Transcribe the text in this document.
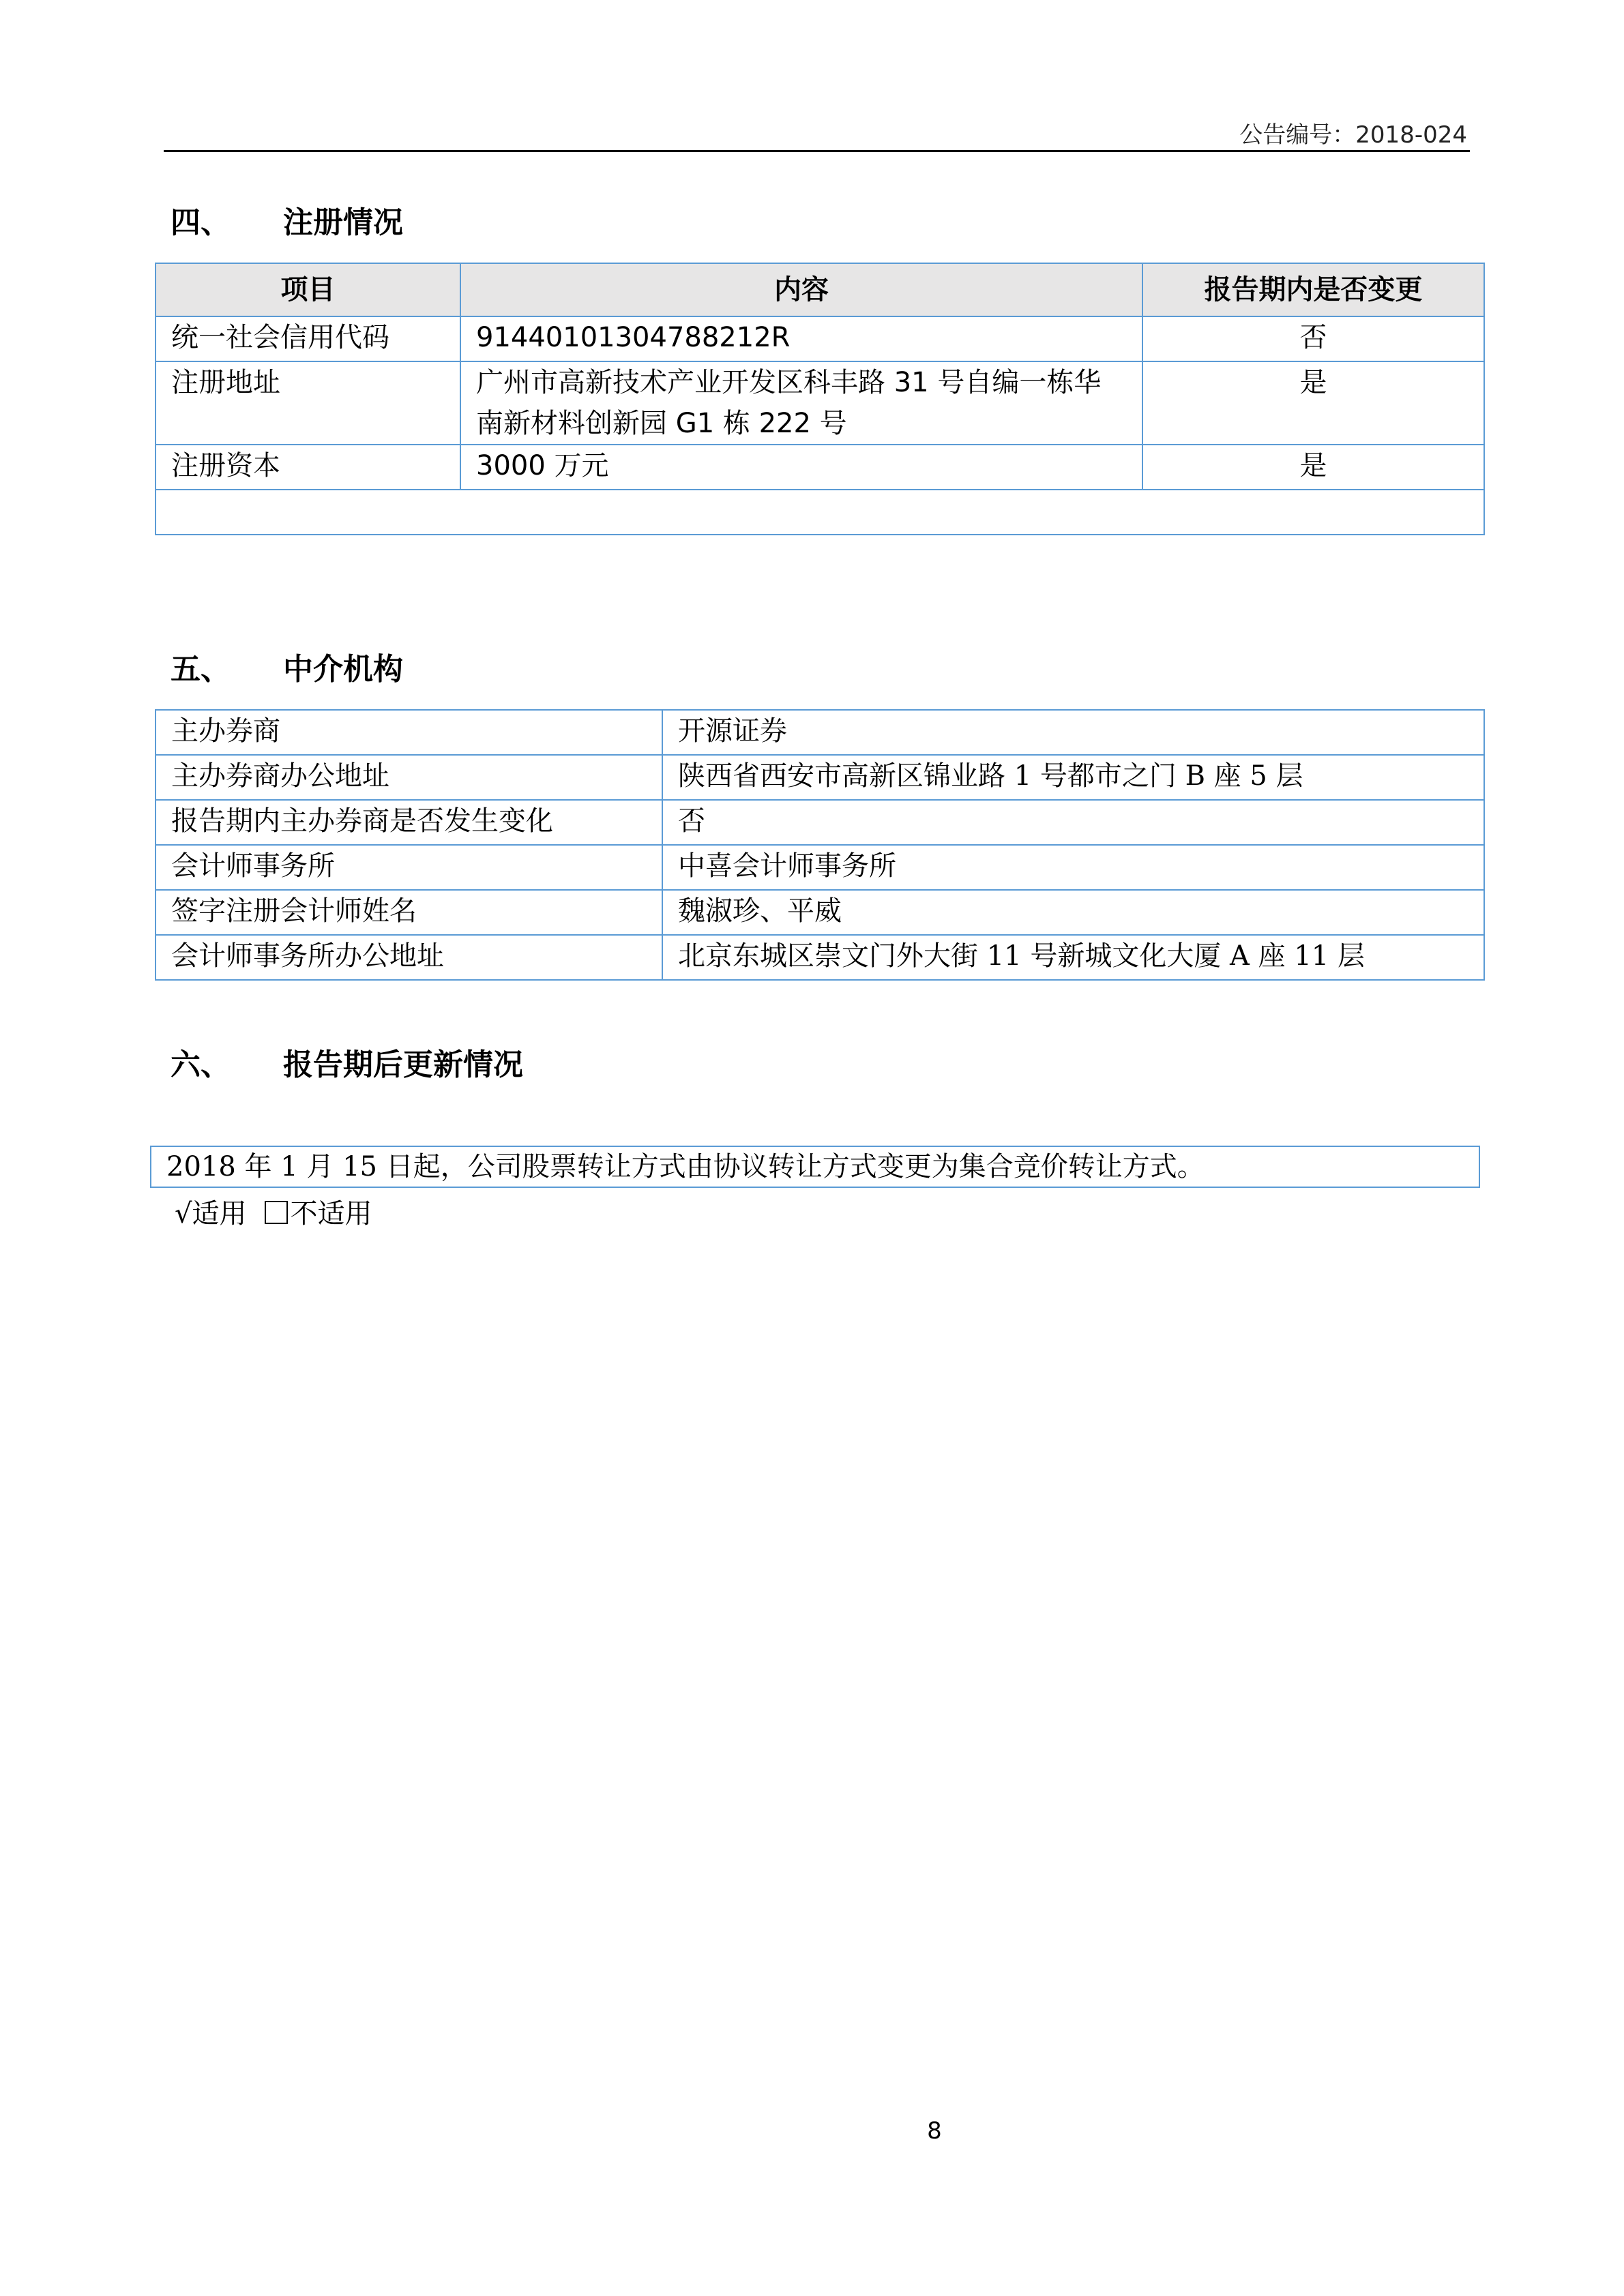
公告编号：2018-024
四、 注册情况
项目	内容	报告期内是否变更
统一社会信用代码	91440101304788212R	否
注册地址	广州市高新技术产业开发区科丰路 31 号自编一栋华南新材料创新园 G1 栋 222 号	是
注册资本	3000 万元	是

五、 中介机构
主办券商	开源证券
主办券商办公地址	陕西省西安市高新区锦业路 1 号都市之门 B 座 5 层
报告期内主办券商是否发生变化	否
会计师事务所	中喜会计师事务所
签字注册会计师姓名	魏淑珍、平威
会计师事务所办公地址	北京东城区崇文门外大街 11 号新城文化大厦 A 座 11 层
六、 报告期后更新情况
2018 年 1 月 15 日起，公司股票转让方式由协议转让方式变更为集合竞价转让方式。
√适用 不适用
8
